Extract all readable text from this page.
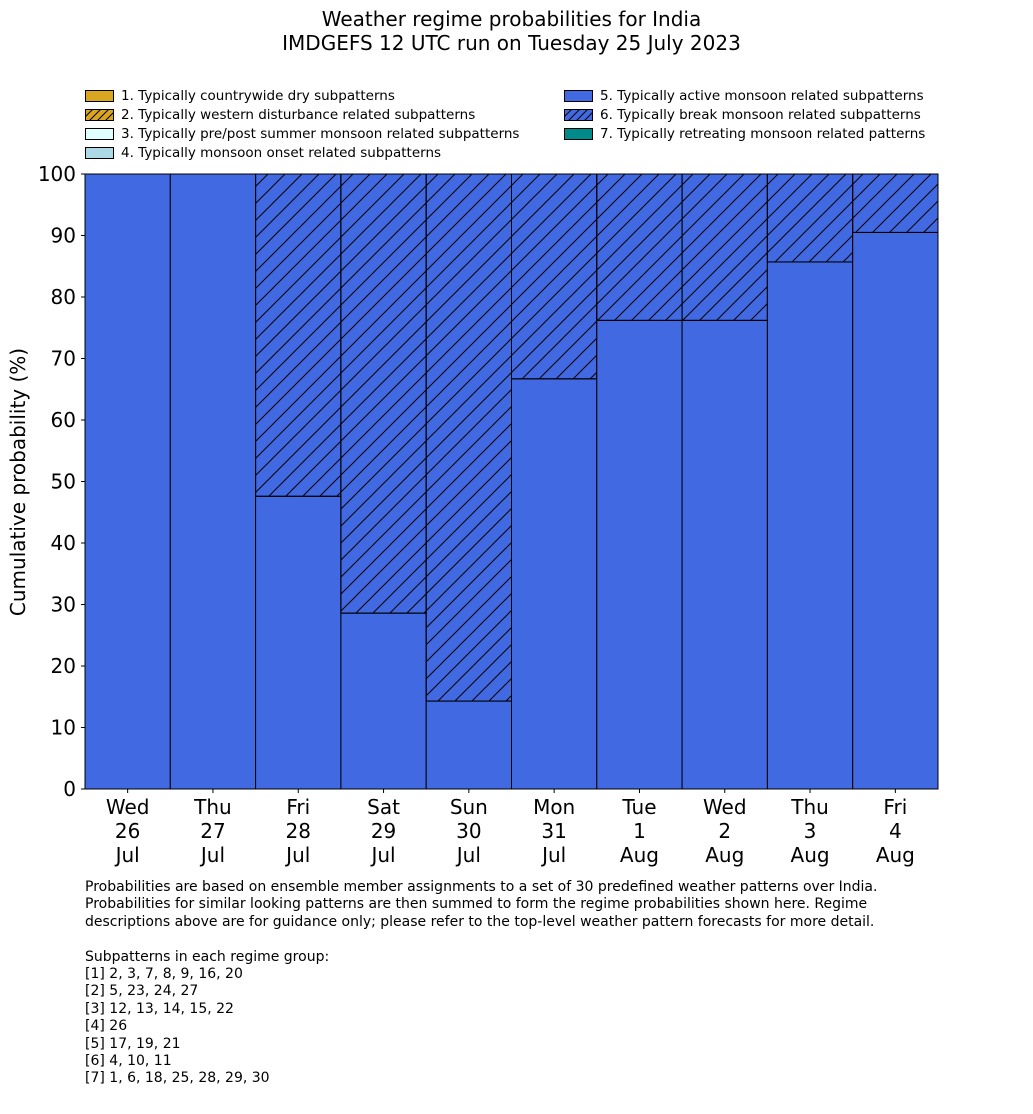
Weather regime probabilities for India
IMDGEFS 12 UTC run on Tuesday 25 July 2023
1. Typically countrywide dry subpatterns
2. Typically western disturbance related subpatterns
3. Typically pre/post summer monsoon related subpatterns
4. Typically monsoon onset related subpatterns
5. Typically active monsoon related subpatterns
6. Typically break monsoon related subpatterns
7. Typically retreating monsoon related patterns
0
10
20
30
40
50
60
70
80
90
100
Wed
26
Jul
Thu
27
Jul
Fri
28
Jul
Sat
29
Jul
Sun
30
Jul
Mon
31
Jul
Tue
1
Aug
Wed
2
Aug
Thu
3
Aug
Fri
4
Aug
Cumulative probability (%)
Probabilities are based on ensemble member assignments to a set of 30 predefined weather patterns over India.
Probabilities for similar looking patterns are then summed to form the regime probabilities shown here. Regime
descriptions above are for guidance only; please refer to the top-level weather pattern forecasts for more detail.
Subpatterns in each regime group:
[1] 2, 3, 7, 8, 9, 16, 20
[2] 5, 23, 24, 27
[3] 12, 13, 14, 15, 22
[4] 26
[5] 17, 19, 21
[6] 4, 10, 11
[7] 1, 6, 18, 25, 28, 29, 30
